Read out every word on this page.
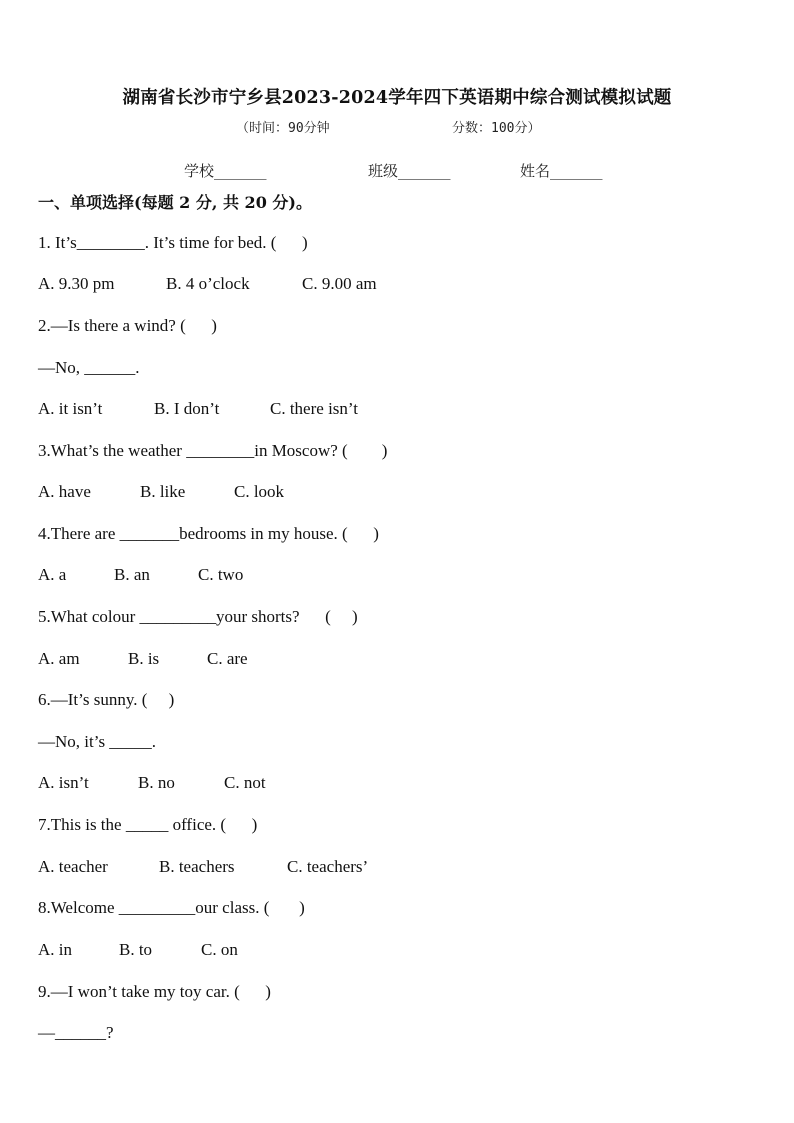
湖南省长沙市宁乡县2023-2024学年四下英语期中综合测试模拟试题
（时间：90分钟	分数：100分）
学校_______	班级_______	姓名_______
一、单项选择(每题 2 分, 共 20 分)。
1. It’s________. It’s time for bed. (      )
A. 9.30 pm	B. 4 o’clock	C. 9.00 am
2.—Is there a wind? (      )
—No, ______.
A. it isn’t	B. I don’t	C. there isn’t
3.What’s the weather ________in Moscow? (        )
A. have	B. like	C. look
4.There are _______bedrooms in my house. (      )
A. a	B. an	C. two
5.What colour _________your shorts?      (     )
A. am	B. is	C. are
6.—It’s sunny. (     )
—No, it’s _____.
A. isn’t	B. no	C. not
7.This is the _____ office. (      )
A. teacher	B. teachers	C. teachers’
8.Welcome _________our class. (       )
A. in	B. to	C. on
9.—I won’t take my toy car. (      )
—______?
